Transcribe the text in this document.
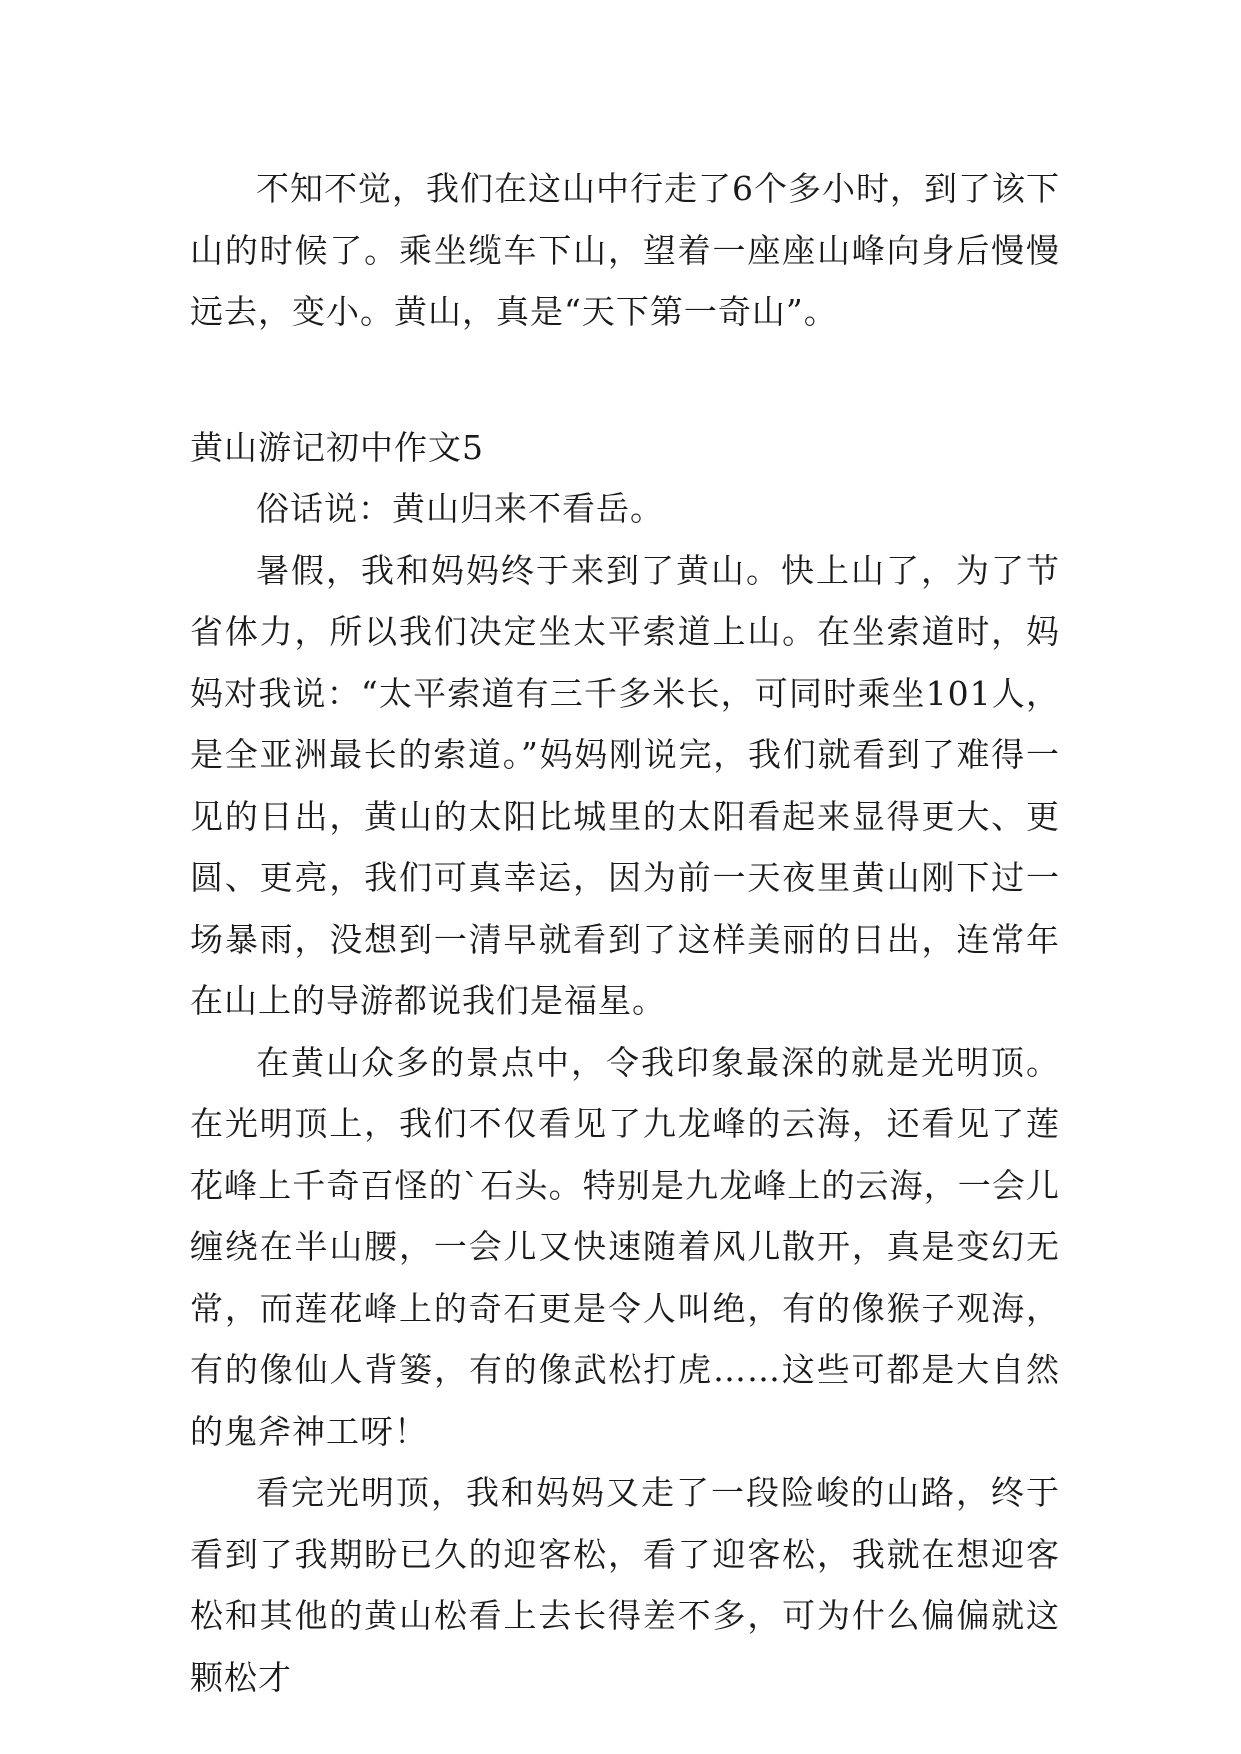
不知不觉，我们在这山中行走了6个多小时，到了该下山的时候了。乘坐缆车下山，望着一座座山峰向身后慢慢远去，变小。黄山，真是“天下第一奇山”。

黄山游记初中作文5

俗话说：黄山归来不看岳。

暑假，我和妈妈终于来到了黄山。快上山了，为了节省体力，所以我们决定坐太平索道上山。在坐索道时，妈妈对我说：“太平索道有三千多米长，可同时乘坐101人，是全亚洲最长的索道。”妈妈刚说完，我们就看到了难得一见的日出，黄山的太阳比城里的太阳看起来显得更大、更圆、更亮，我们可真幸运，因为前一天夜里黄山刚下过一场暴雨，没想到一清早就看到了这样美丽的日出，连常年在山上的导游都说我们是福星。

在黄山众多的景点中，令我印象最深的就是光明顶。在光明顶上，我们不仅看见了九龙峰的云海，还看见了莲花峰上千奇百怪的`石头。特别是九龙峰上的云海，一会儿缠绕在半山腰，一会儿又快速随着风儿散开，真是变幻无常，而莲花峰上的奇石更是令人叫绝，有的像猴子观海，有的像仙人背篓，有的像武松打虎……这些可都是大自然的鬼斧神工呀！

看完光明顶，我和妈妈又走了一段险峻的山路，终于看到了我期盼已久的迎客松，看了迎客松，我就在想迎客松和其他的黄山松看上去长得差不多，可为什么偏偏就这颗松才
